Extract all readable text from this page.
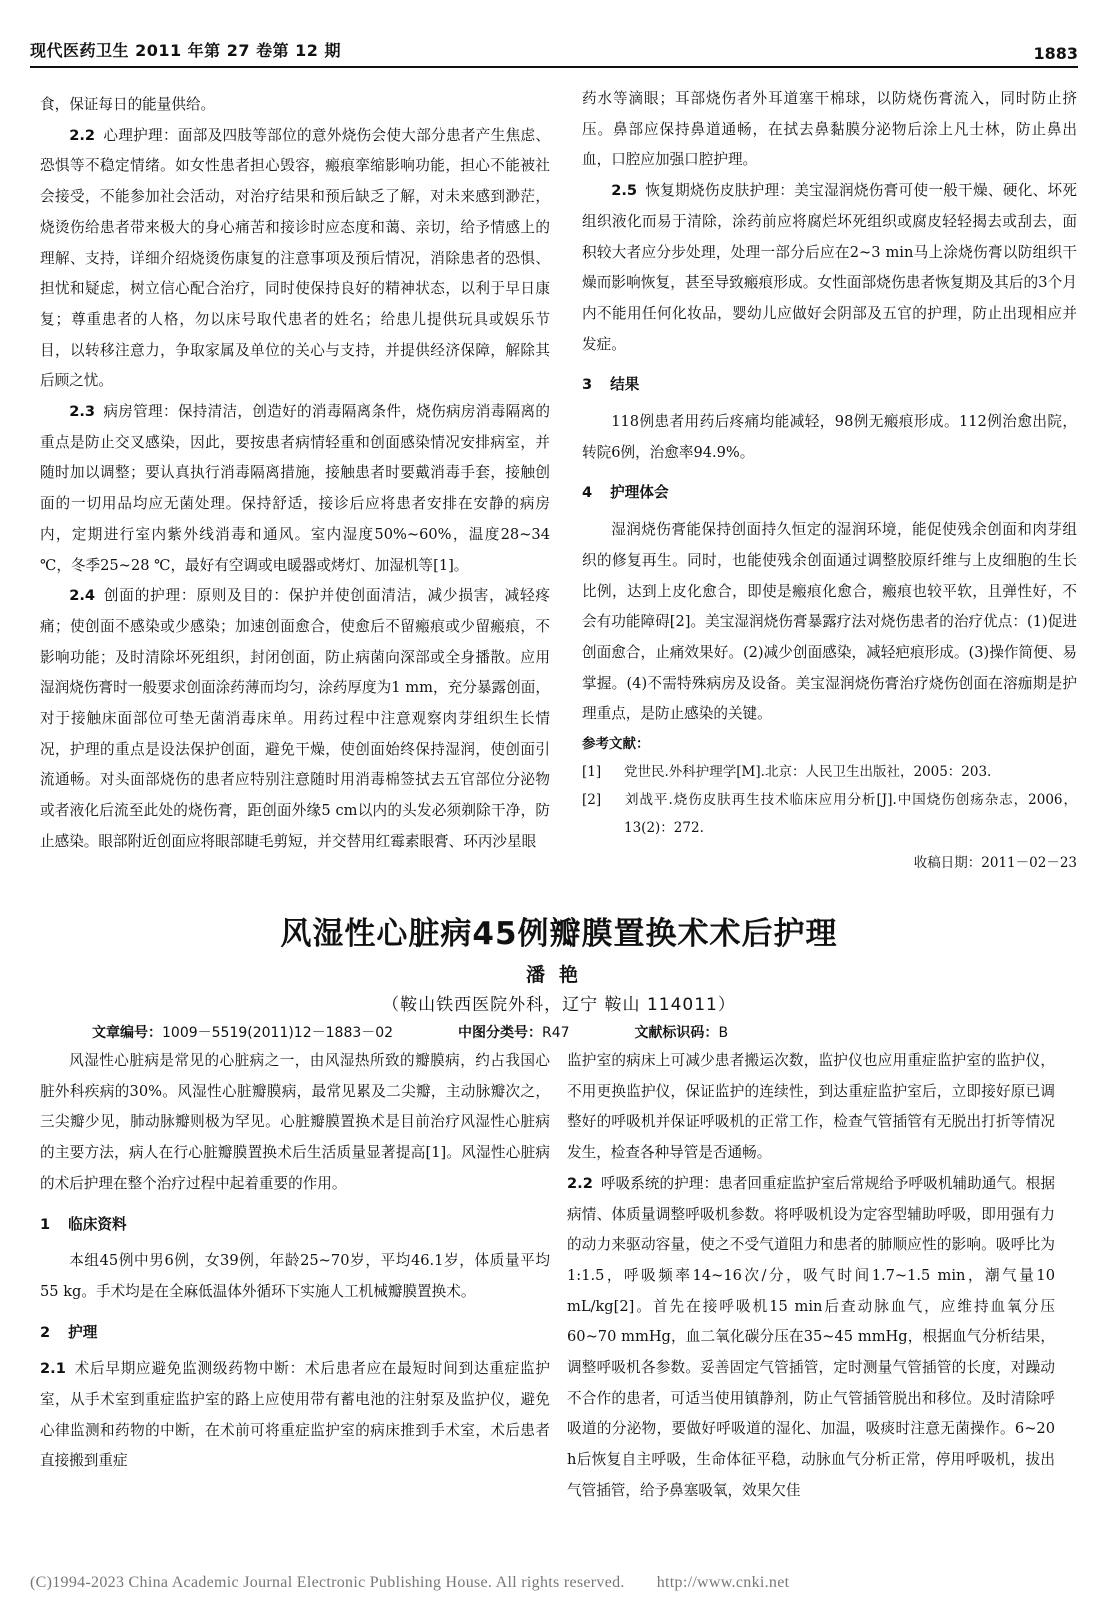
现代医药卫生 2011 年第 27 卷第 12 期	1883

食，保证每日的能量供给。

2.2 心理护理：面部及四肢等部位的意外烧伤会使大部分患者产生焦虑、恐惧等不稳定情绪。如女性患者担心毁容，瘢痕挛缩影响功能，担心不能被社会接受，不能参加社会活动，对治疗结果和预后缺乏了解，对未来感到渺茫，烧烫伤给患者带来极大的身心痛苦和接诊时应态度和蔼、亲切，给予情感上的理解、支持，详细介绍烧烫伤康复的注意事项及预后情况，消除患者的恐惧、担忧和疑虑，树立信心配合治疗，同时使保持良好的精神状态，以利于早日康复；尊重患者的人格，勿以床号取代患者的姓名；给患儿提供玩具或娱乐节目，以转移注意力，争取家属及单位的关心与支持，并提供经济保障，解除其后顾之忧。

2.3 病房管理：保持清洁，创造好的消毒隔离条件，烧伤病房消毒隔离的重点是防止交叉感染，因此，要按患者病情轻重和创面感染情况安排病室，并随时加以调整；要认真执行消毒隔离措施，接触患者时要戴消毒手套，接触创面的一切用品均应无菌处理。保持舒适，接诊后应将患者安排在安静的病房内，定期进行室内紫外线消毒和通风。室内湿度50%~60%，温度28~34 ℃，冬季25~28 ℃，最好有空调或电暖器或烤灯、加湿机等[1]。

2.4 创面的护理：原则及目的：保护并使创面清洁，减少损害，减轻疼痛；使创面不感染或少感染；加速创面愈合，使愈后不留瘢痕或少留瘢痕，不影响功能；及时清除坏死组织，封闭创面，防止病菌向深部或全身播散。应用湿润烧伤膏时一般要求创面涂药薄而均匀，涂药厚度为1 mm，充分暴露创面，对于接触床面部位可垫无菌消毒床单。用药过程中注意观察肉芽组织生长情况，护理的重点是设法保护创面，避免干燥，使创面始终保持湿润，使创面引流通畅。对头面部烧伤的患者应特别注意随时用消毒棉签拭去五官部位分泌物或者液化后流至此处的烧伤膏，距创面外缘5 cm以内的头发必须剃除干净，防止感染。眼部附近创面应将眼部睫毛剪短，并交替用红霉素眼膏、环丙沙星眼

药水等滴眼；耳部烧伤者外耳道塞干棉球，以防烧伤膏流入，同时防止挤压。鼻部应保持鼻道通畅，在拭去鼻黏膜分泌物后涂上凡士林，防止鼻出血，口腔应加强口腔护理。

2.5 恢复期烧伤皮肤护理：美宝湿润烧伤膏可使一般干燥、硬化、坏死组织液化而易于清除，涂药前应将腐烂坏死组织或腐皮轻轻揭去或刮去，面积较大者应分步处理，处理一部分后应在2~3 min马上涂烧伤膏以防组织干燥而影响恢复，甚至导致瘢痕形成。女性面部烧伤患者恢复期及其后的3个月内不能用任何化妆品，婴幼儿应做好会阴部及五官的护理，防止出现相应并发症。

3 结果

118例患者用药后疼痛均能减轻，98例无瘢痕形成。112例治愈出院，转院6例，治愈率94.9%。

4 护理体会

湿润烧伤膏能保持创面持久恒定的湿润环境，能促使残余创面和肉芽组织的修复再生。同时，也能使残余创面通过调整胶原纤维与上皮细胞的生长比例，达到上皮化愈合，即使是瘢痕化愈合，瘢痕也较平软，且弹性好，不会有功能障碍[2]。美宝湿润烧伤膏暴露疗法对烧伤患者的治疗优点：(1)促进创面愈合，止痛效果好。(2)减少创面感染，减轻疤痕形成。(3)操作简便、易掌握。(4)不需特殊病房及设备。美宝湿润烧伤膏治疗烧伤创面在溶痂期是护理重点，是防止感染的关键。

参考文献：

[1] 党世民.外科护理学[M].北京：人民卫生出版社，2005：203.

[2] 刘战平.烧伤皮肤再生技术临床应用分析[J].中国烧伤创疡杂志，2006，13(2)：272.

收稿日期：2011－02－23

风湿性心脏病45例瓣膜置换术术后护理
潘艳
（鞍山铁西医院外科，辽宁 鞍山 114011）
文章编号：1009－5519(2011)12－1883－02	中图分类号：R47	文献标识码：B

风湿性心脏病是常见的心脏病之一，由风湿热所致的瓣膜病，约占我国心脏外科疾病的30%。风湿性心脏瓣膜病，最常见累及二尖瓣，主动脉瓣次之，三尖瓣少见，肺动脉瓣则极为罕见。心脏瓣膜置换术是目前治疗风湿性心脏病的主要方法，病人在行心脏瓣膜置换术后生活质量显著提高[1]。风湿性心脏病的术后护理在整个治疗过程中起着重要的作用。

1 临床资料

本组45例中男6例，女39例，年龄25~70岁，平均46.1岁，体质量平均55 kg。手术均是在全麻低温体外循环下实施人工机械瓣膜置换术。

2 护理

2.1 术后早期应避免监测级药物中断：术后患者应在最短时间到达重症监护室，从手术室到重症监护室的路上应使用带有蓄电池的注射泵及监护仪，避免心律监测和药物的中断，在术前可将重症监护室的病床推到手术室，术后患者直接搬到重症

监护室的病床上可减少患者搬运次数，监护仪也应用重症监护室的监护仪，不用更换监护仪，保证监护的连续性，到达重症监护室后，立即接好原已调整好的呼吸机并保证呼吸机的正常工作，检查气管插管有无脱出打折等情况发生，检查各种导管是否通畅。

2.2 呼吸系统的护理：患者回重症监护室后常规给予呼吸机辅助通气。根据病情、体质量调整呼吸机参数。将呼吸机设为定容型辅助呼吸，即用强有力的动力来驱动容量，使之不受气道阻力和患者的肺顺应性的影响。吸呼比为1:1.5，呼吸频率14~16次/分，吸气时间1.7~1.5 min，潮气量10 mL/kg[2]。首先在接呼吸机15 min后查动脉血气，应维持血氧分压60~70 mmHg，血二氧化碳分压在35~45 mmHg，根据血气分析结果，调整呼吸机各参数。妥善固定气管插管，定时测量气管插管的长度，对躁动不合作的患者，可适当使用镇静剂，防止气管插管脱出和移位。及时清除呼吸道的分泌物，要做好呼吸道的湿化、加温，吸痰时注意无菌操作。6~20 h后恢复自主呼吸，生命体征平稳，动脉血气分析正常，停用呼吸机，拔出气管插管，给予鼻塞吸氧，效果欠佳

(C)1994-2023 China Academic Journal Electronic Publishing House. All rights reserved. http://www.cnki.net
